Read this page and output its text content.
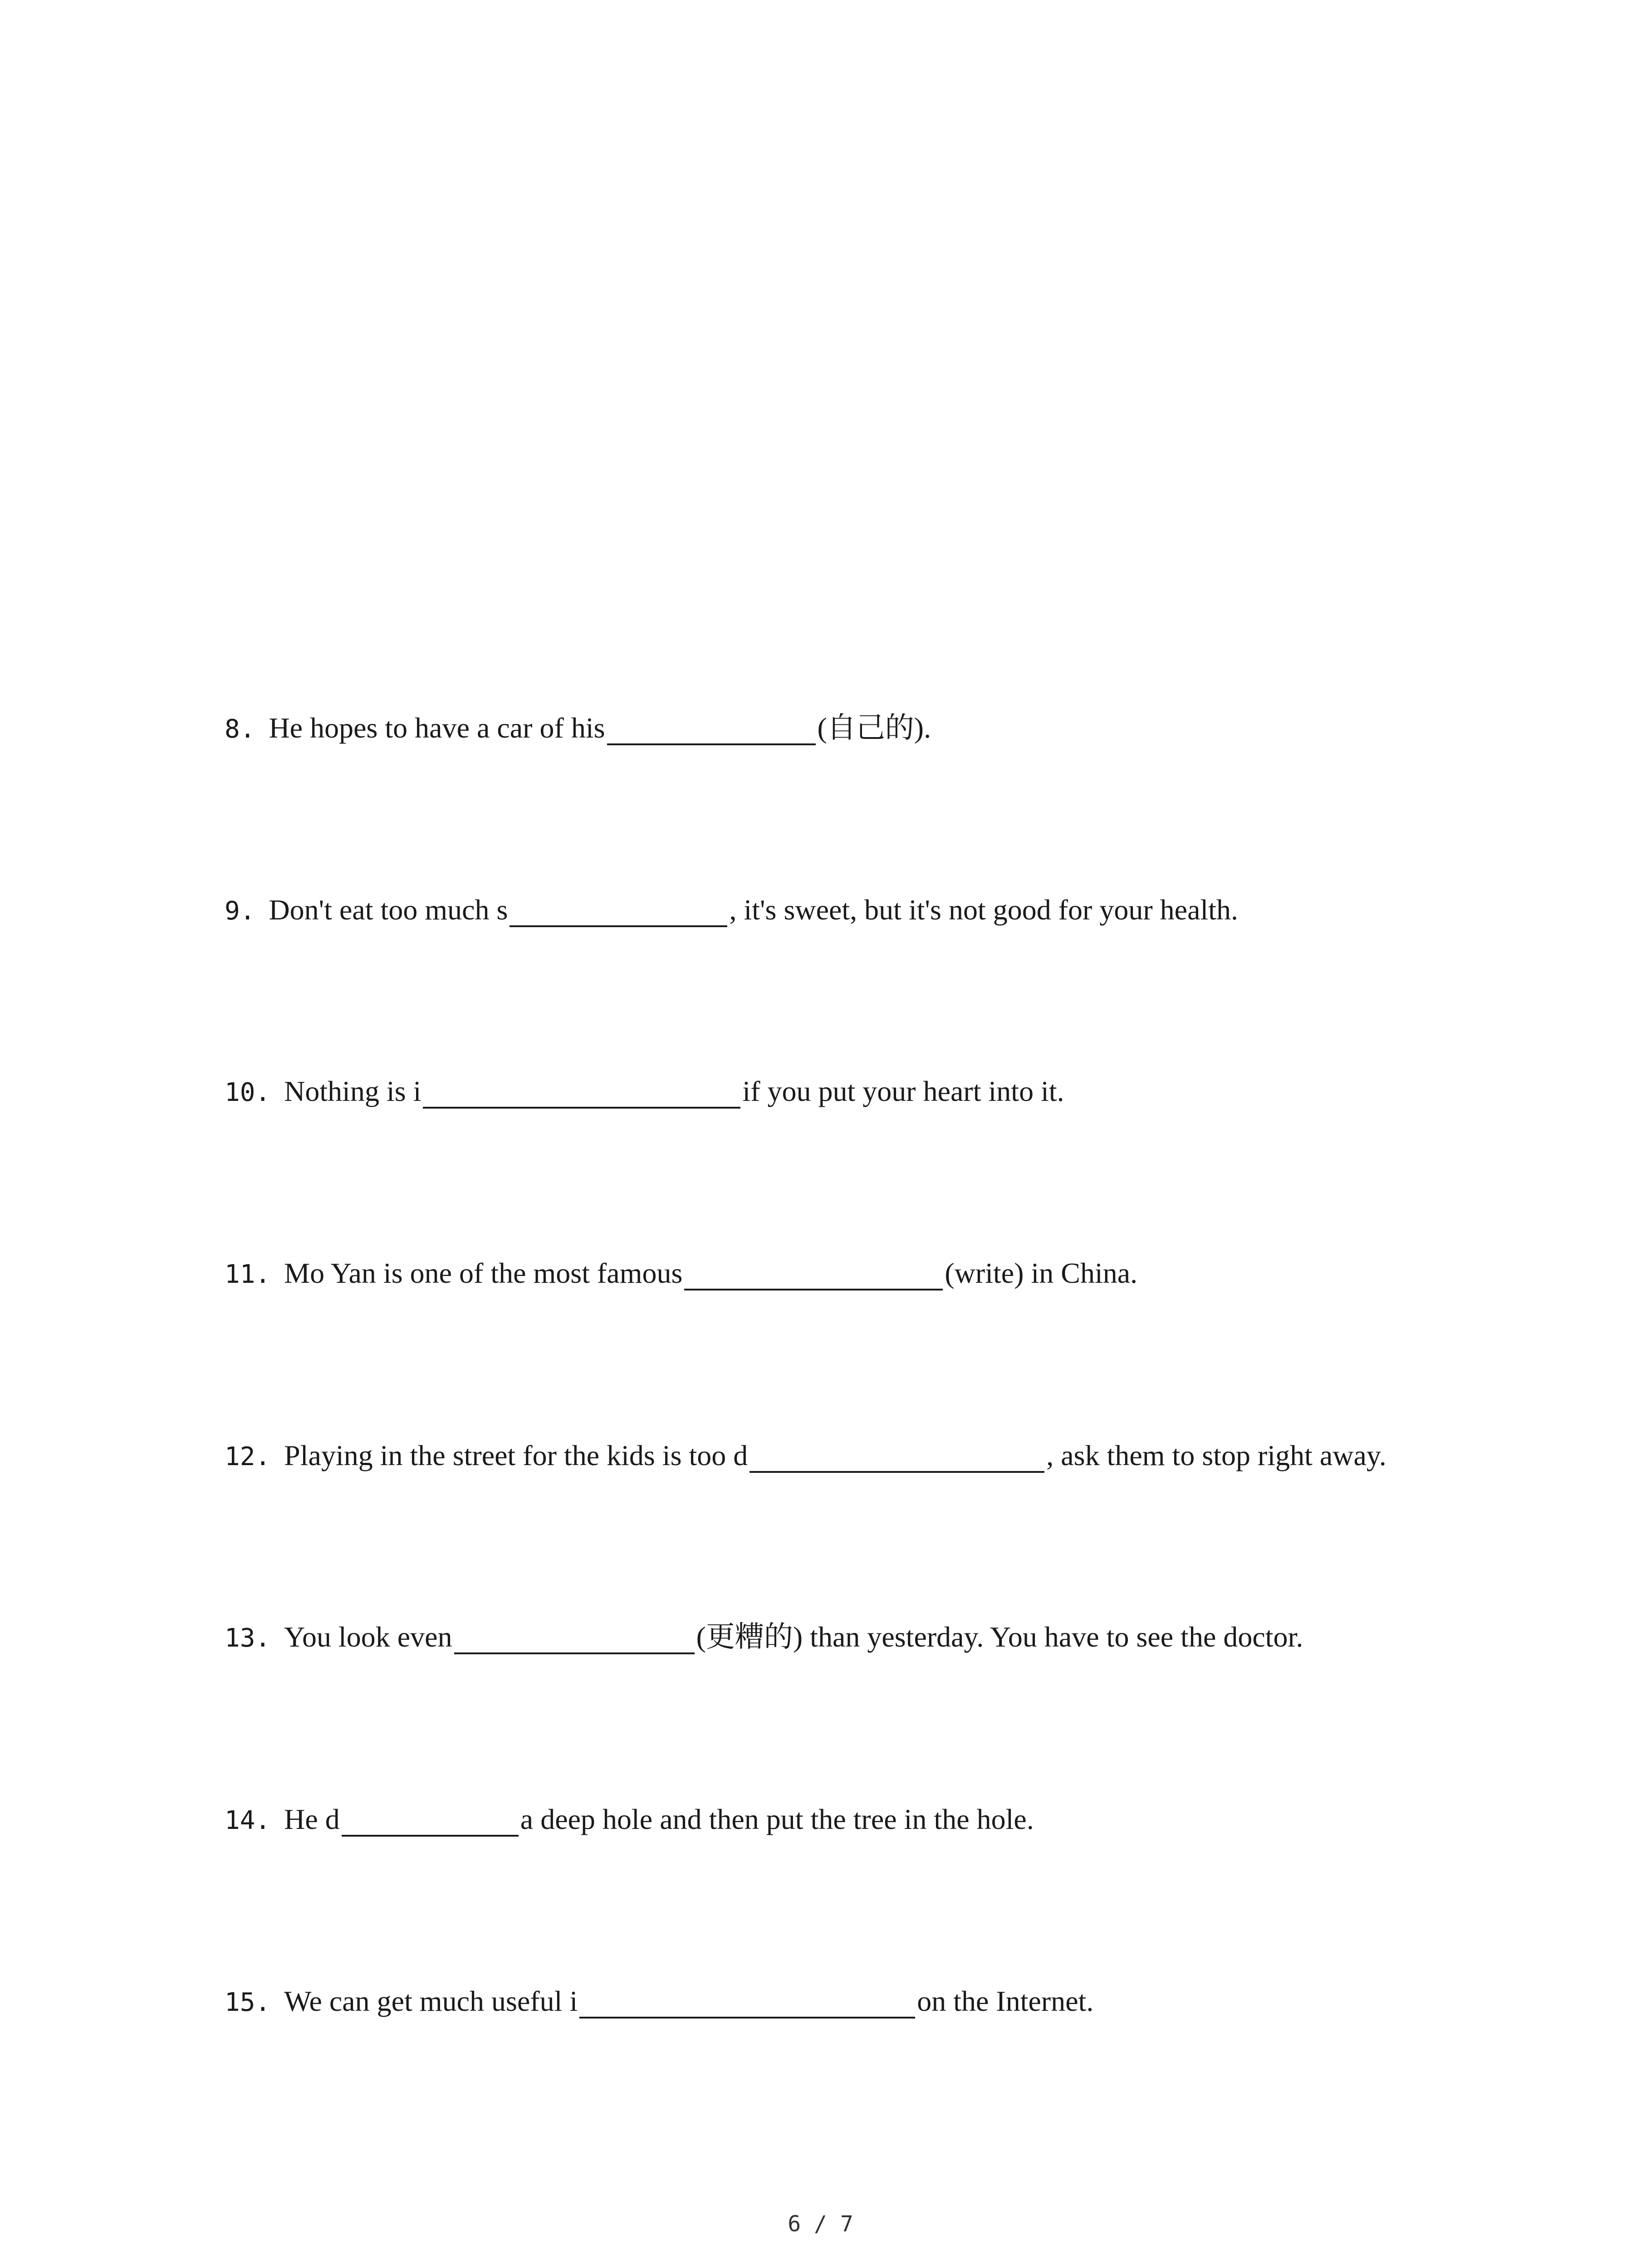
8. He hopes to have a car of his	(自己的).
9. Don't eat too much s	, it's sweet, but it's not good for your health.
10. Nothing is i	if you put your heart into it.
11. Mo Yan is one of the most famous	(write) in China.
12. Playing in the street for the kids is too d	, ask them to stop right away.
13. You look even	(更糟的) than yesterday. You have to see the doctor.
14. He d	a deep hole and then put the tree in the hole.
15. We can get much useful i	on the Internet.
6 / 7
